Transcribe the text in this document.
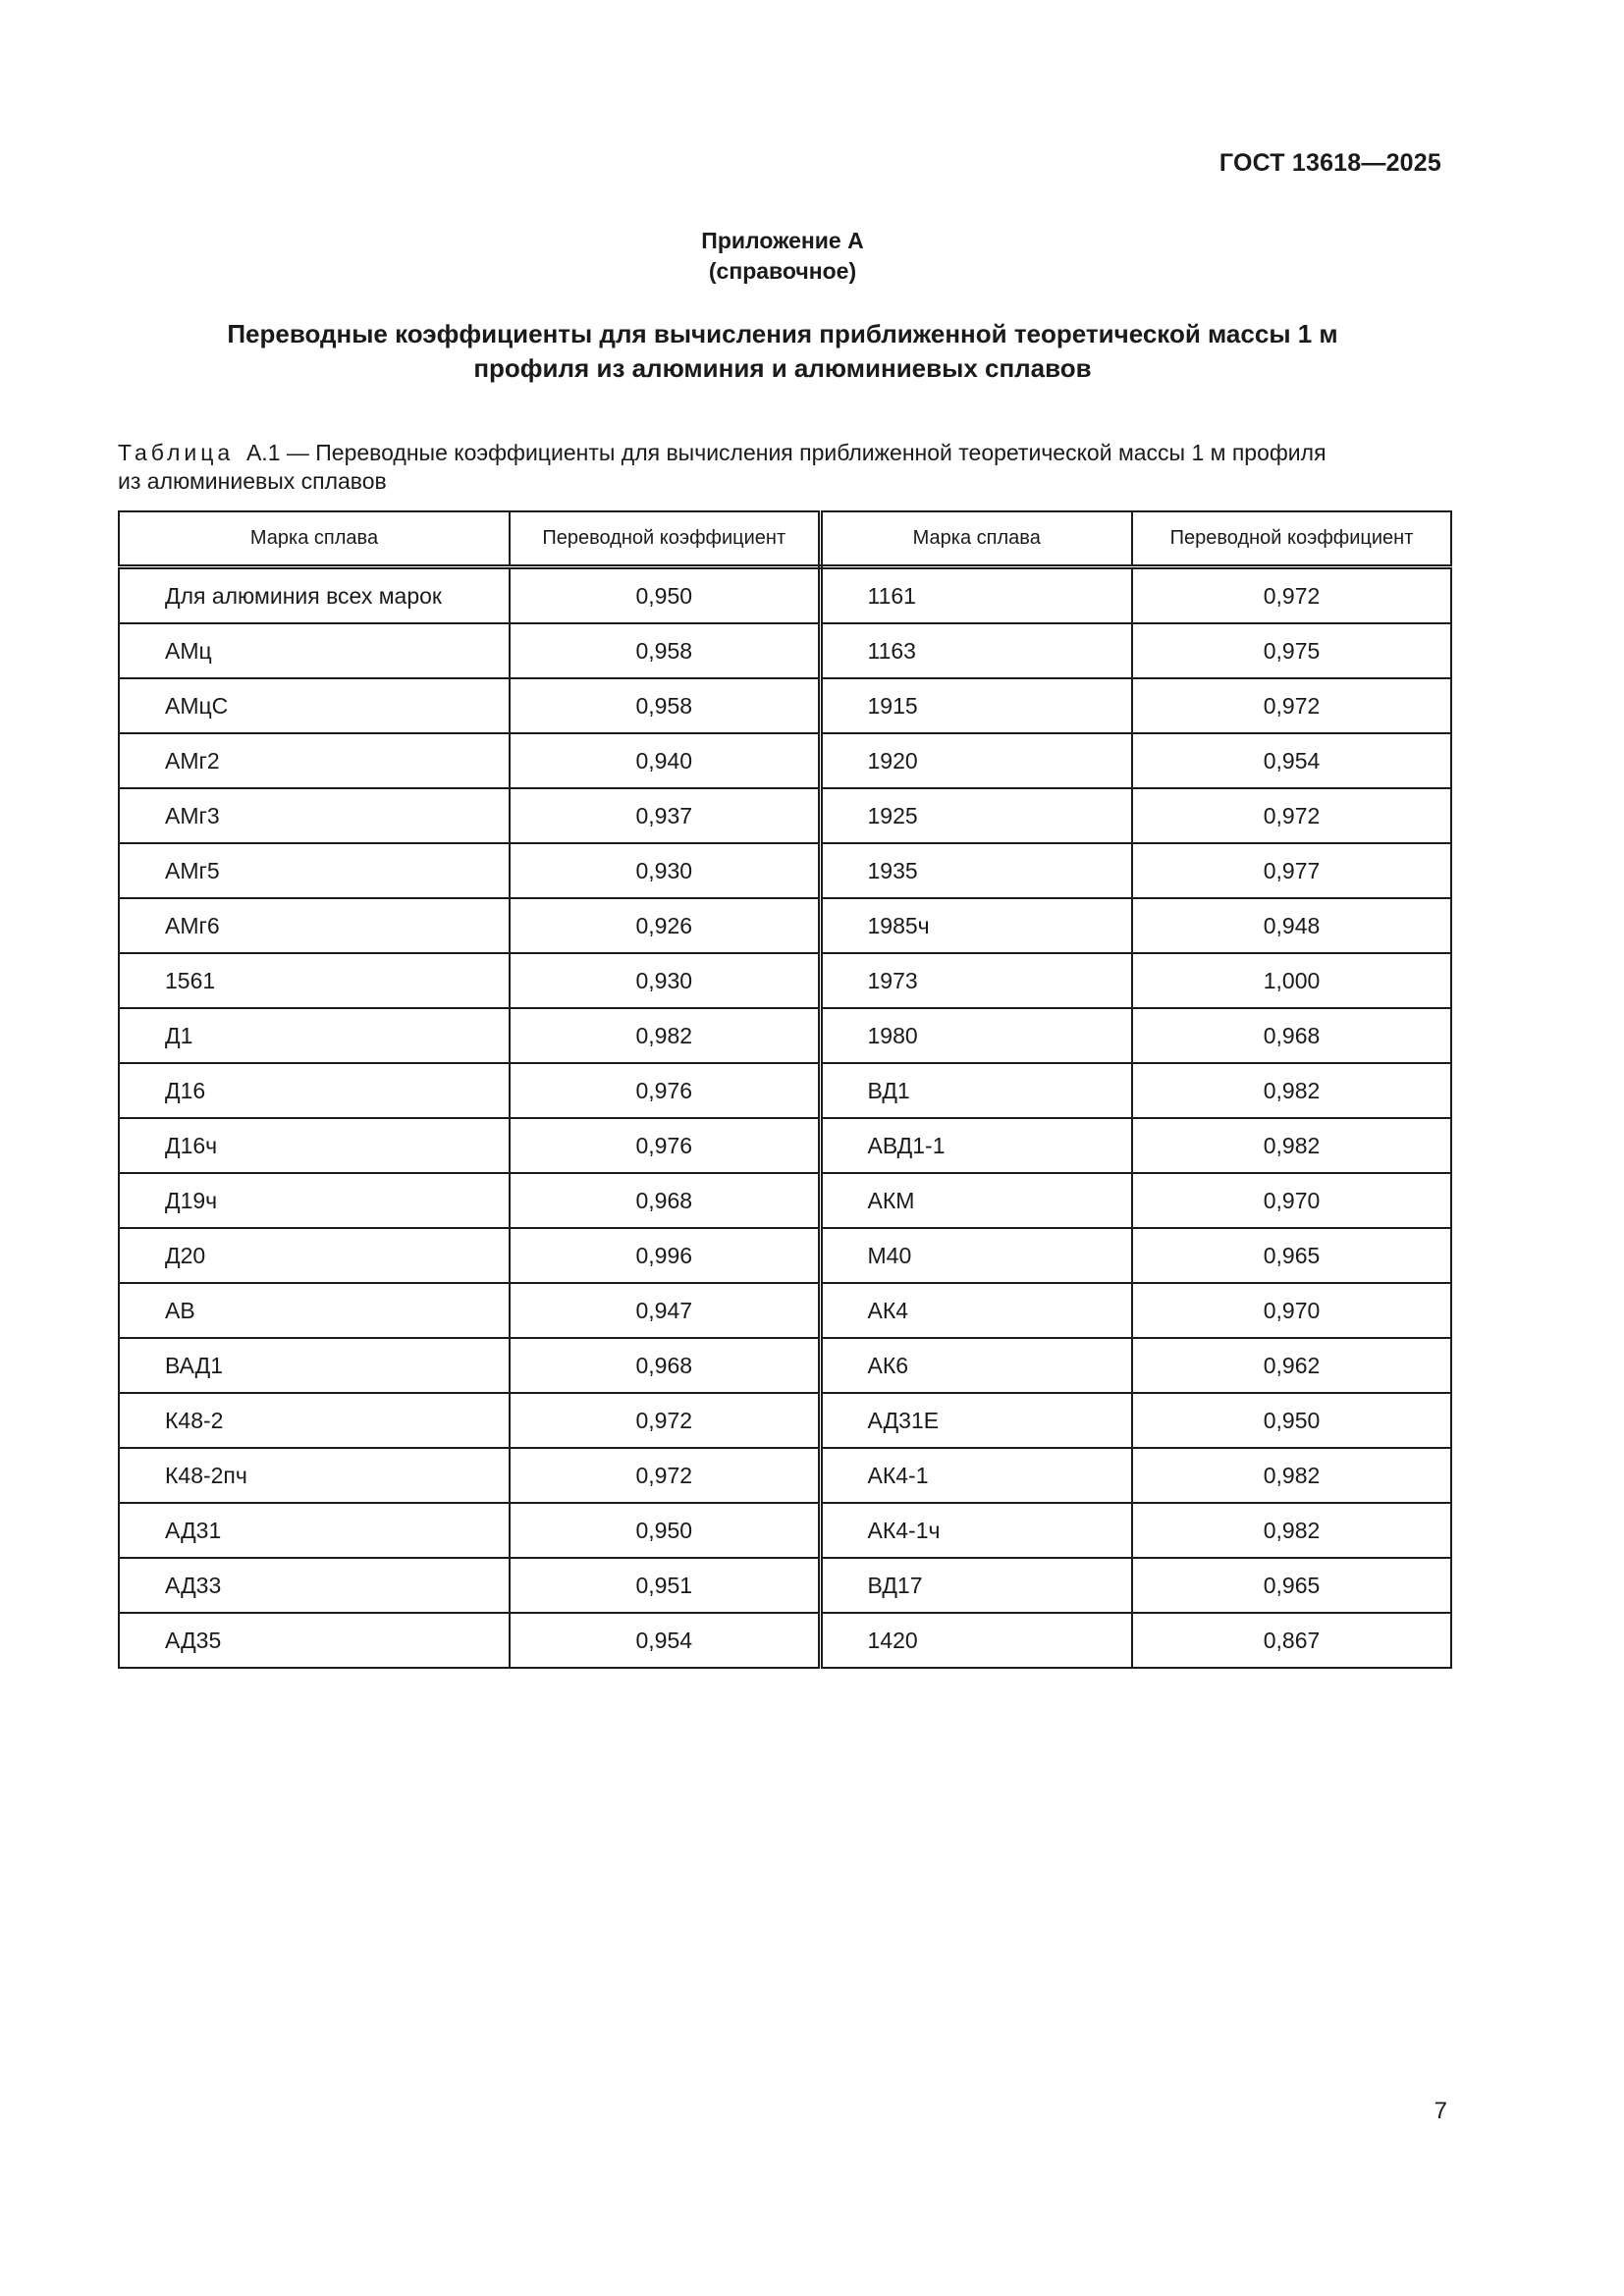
ГОСТ 13618—2025
Приложение А
(справочное)
Переводные коэффициенты для вычисления приближенной теоретической массы 1 м
профиля из алюминия и алюминиевых сплавов
Таблица А.1 — Переводные коэффициенты для вычисления приближенной теоретической массы 1 м профиля
из алюминиевых сплавов
Марка сплава	Переводной коэффициент	Марка сплава	Переводной коэффициент
Для алюминия всех марок	0,950	1161	0,972
АМц	0,958	1163	0,975
АМцС	0,958	1915	0,972
АМг2	0,940	1920	0,954
АМг3	0,937	1925	0,972
АМг5	0,930	1935	0,977
АМг6	0,926	1985ч	0,948
1561	0,930	1973	1,000
Д1	0,982	1980	0,968
Д16	0,976	ВД1	0,982
Д16ч	0,976	АВД1-1	0,982
Д19ч	0,968	АКМ	0,970
Д20	0,996	М40	0,965
АВ	0,947	АК4	0,970
ВАД1	0,968	АК6	0,962
К48-2	0,972	АД31Е	0,950
К48-2пч	0,972	АК4-1	0,982
АД31	0,950	АК4-1ч	0,982
АД33	0,951	ВД17	0,965
АД35	0,954	1420	0,867
7
